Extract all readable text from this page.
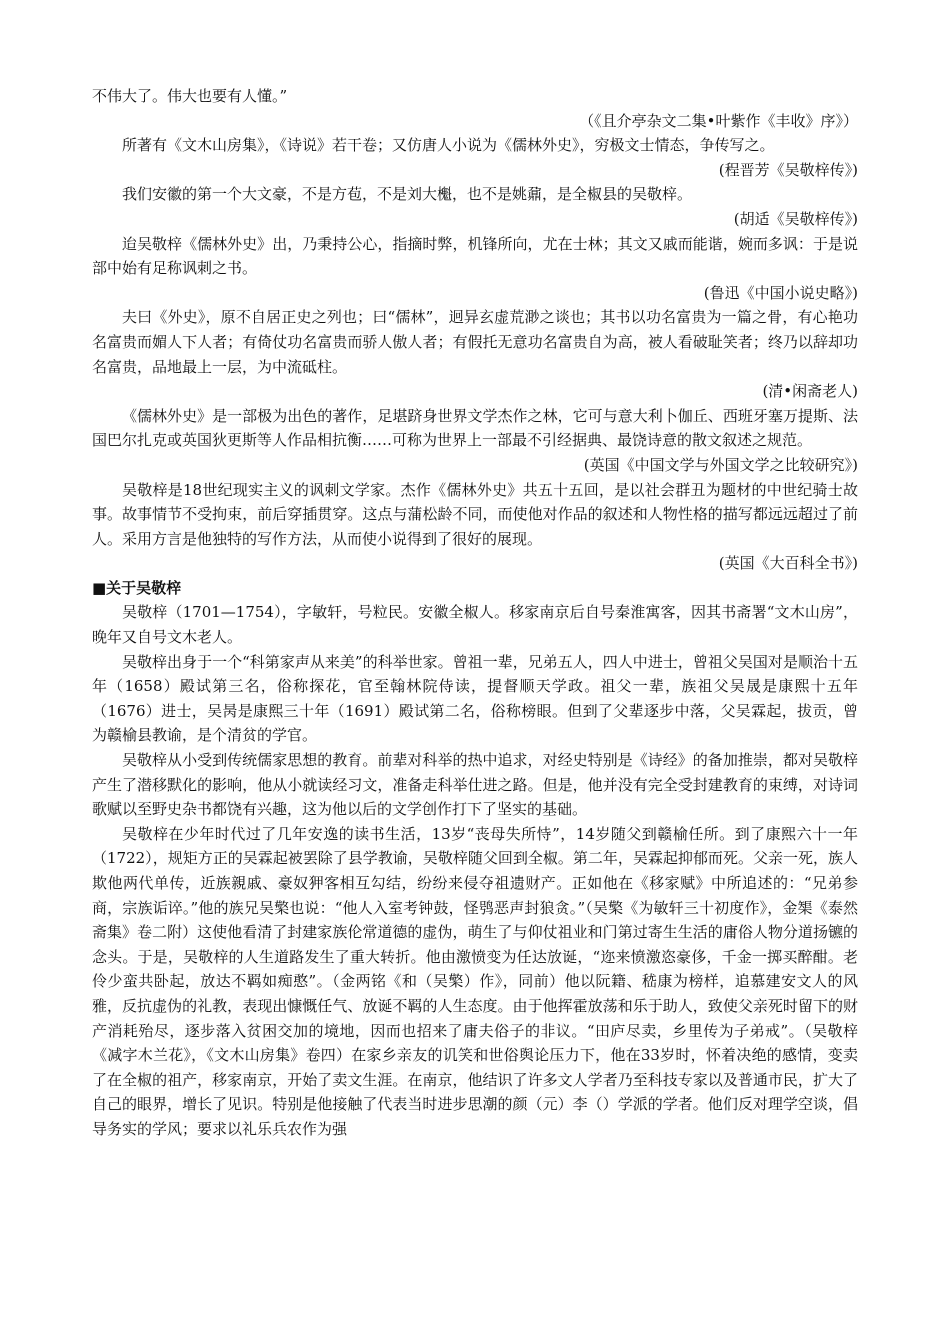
不伟大了。伟大也要有人懂。”

（《且介亭杂文二集•叶紫作《丰收》序》）

所著有《文木山房集》，《诗说》若干卷；又仿唐人小说为《儒林外史》，穷极文士情态，争传写之。

(程晋芳《吴敬梓传》)

我们安徽的第一个大文豪，不是方苞，不是刘大櫆，也不是姚鼐，是全椒县的吴敬梓。

(胡适《吴敬梓传》)

迨吴敬梓《儒林外史》出，乃秉持公心，指摘时弊，机锋所向，尤在士林；其文又戚而能谐，婉而多讽：于是说部中始有足称讽刺之书。

(鲁迅《中国小说史略》)

夫曰《外史》，原不自居正史之列也；曰“儒林”，迥异玄虚荒渺之谈也；其书以功名富贵为一篇之骨，有心艳功名富贵而媚人下人者；有倚仗功名富贵而骄人傲人者；有假托无意功名富贵自为高，被人看破耻笑者；终乃以辞却功名富贵，品地最上一层，为中流砥柱。

(清•闲斋老人)

《儒林外史》是一部极为出色的著作，足堪跻身世界文学杰作之林，它可与意大利卜伽丘、西班牙塞万提斯、法国巴尔扎克或英国狄更斯等人作品相抗衡……可称为世界上一部最不引经据典、最饶诗意的散文叙述之规范。

(英国《中国文学与外国文学之比较研究》)

吴敬梓是18世纪现实主义的讽刺文学家。杰作《儒林外史》共五十五回，是以社会群丑为题材的中世纪骑士故事。故事情节不受拘束，前后穿插贯穿。这点与蒲松龄不同，而使他对作品的叙述和人物性格的描写都远远超过了前人。采用方言是他独特的写作方法，从而使小说得到了很好的展现。

(英国《大百科全书》)

■关于吴敬梓

吴敬梓（1701—1754），字敏轩，号粒民。安徽全椒人。移家南京后自号秦淮寓客，因其书斋署“文木山房”，晚年又自号文木老人。

吴敬梓出身于一个“科第家声从来美”的科举世家。曾祖一辈，兄弟五人，四人中进士，曾祖父吴国对是顺治十五年（1658）殿试第三名，俗称探花，官至翰林院侍读，提督顺天学政。祖父一辈，族祖父吴晟是康熙十五年（1676）进士，吴昺是康熙三十年（1691）殿试第二名，俗称榜眼。但到了父辈逐步中落，父吴霖起，拔贡，曾为赣榆县教谕，是个清贫的学官。

吴敬梓从小受到传统儒家思想的教育。前辈对科举的热中追求，对经史特别是《诗经》的备加推崇，都对吴敬梓产生了潜移默化的影响，他从小就读经习文，准备走科举仕进之路。但是，他并没有完全受封建教育的束缚，对诗词歌赋以至野史杂书都饶有兴趣，这为他以后的文学创作打下了坚实的基础。

吴敬梓在少年时代过了几年安逸的读书生活，13岁“丧母失所恃”，14岁随父到赣榆任所。到了康熙六十一年（1722），规矩方正的吴霖起被罢除了县学教谕，吴敬梓随父回到全椒。第二年，吴霖起抑郁而死。父亲一死，族人欺他两代单传，近族親戚、豪奴狎客相互勾结，纷纷来侵夺祖遗财产。正如他在《移家赋》中所追述的：“兄弟参商，宗族诟谇。”他的族兄吴檠也说：“他人入室考钟鼓，怪鸮恶声封狼贪。”（吴檠《为敏轩三十初度作》，金榘《泰然斋集》卷二附）这使他看清了封建家族伦常道德的虚伪，萌生了与仰仗祖业和门第过寄生生活的庸俗人物分道扬镳的念头。于是，吴敬梓的人生道路发生了重大转折。他由激愤变为任达放诞，“迩来愤激恣豪侈，千金一掷买醉酣。老伶少蛮共卧起，放达不羁如痴憨”。（金两铭《和（吴檠）作》，同前）他以阮籍、嵇康为榜样，追慕建安文人的风雅，反抗虚伪的礼教，表现出慷慨任气、放诞不羁的人生态度。由于他挥霍放荡和乐于助人，致使父亲死时留下的财产消耗殆尽，逐步落入贫困交加的境地，因而也招来了庸夫俗子的非议。“田庐尽卖，乡里传为子弟戒”。（吴敬梓《减字木兰花》，《文木山房集》卷四）在家乡亲友的讥笑和世俗舆论压力下，他在33岁时，怀着决绝的感情，变卖了在全椒的祖产，移家南京，开始了卖文生涯。在南京，他结识了许多文人学者乃至科技专家以及普通市民，扩大了自己的眼界，增长了见识。特别是他接触了代表当时进步思潮的颜（元）李（）学派的学者。他们反对理学空谈，倡导务实的学风；要求以礼乐兵农作为强
